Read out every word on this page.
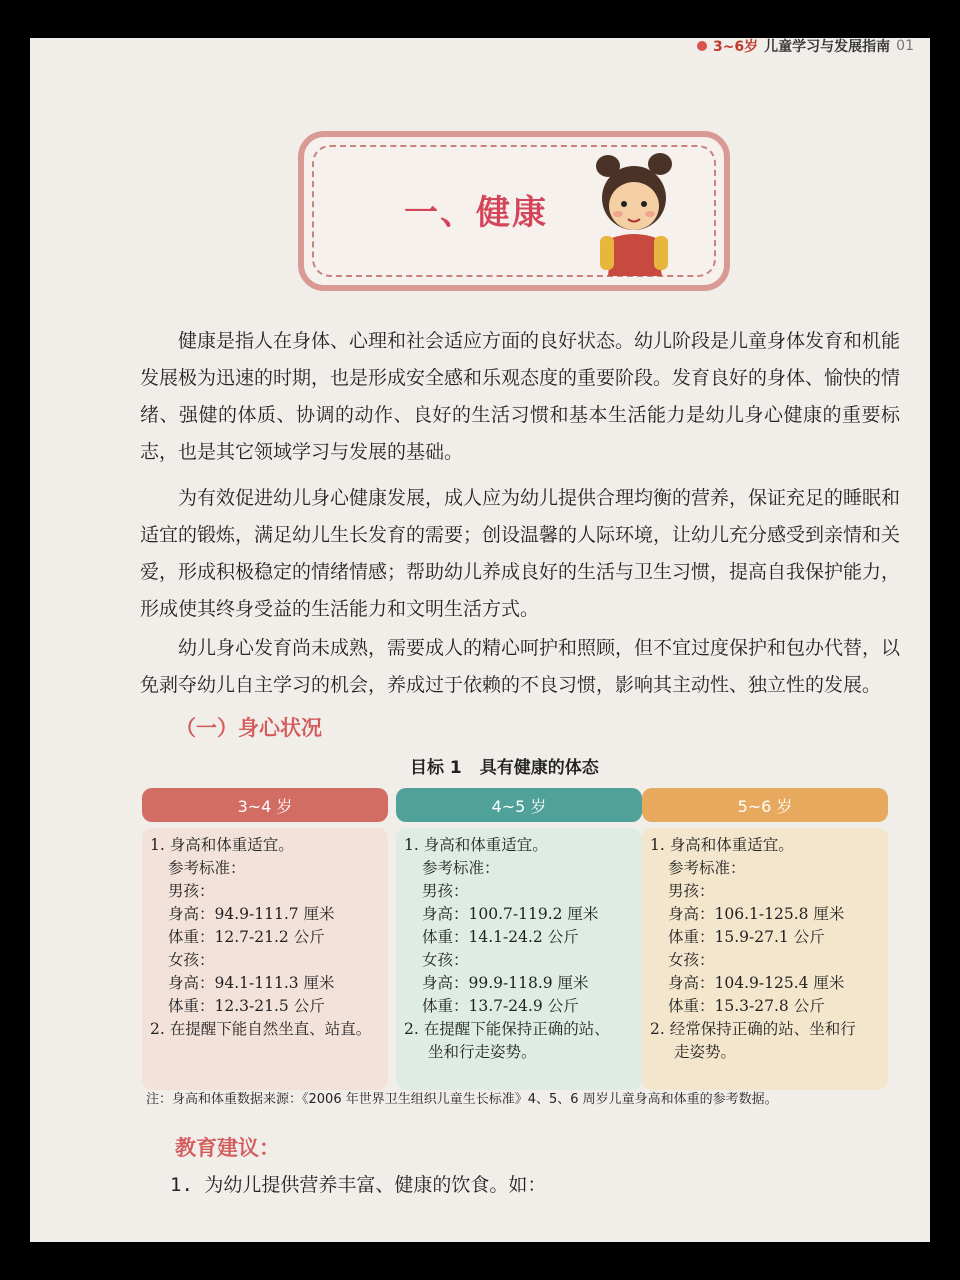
3~6岁 儿童学习与发展指南 01
一、健康

健康是指人在身体、心理和社会适应方面的良好状态。幼儿阶段是儿童身体发育和机能发展极为迅速的时期，也是形成安全感和乐观态度的重要阶段。发育良好的身体、愉快的情绪、强健的体质、协调的动作、良好的生活习惯和基本生活能力是幼儿身心健康的重要标志，也是其它领域学习与发展的基础。

为有效促进幼儿身心健康发展，成人应为幼儿提供合理均衡的营养，保证充足的睡眠和适宜的锻炼，满足幼儿生长发育的需要；创设温馨的人际环境，让幼儿充分感受到亲情和关爱，形成积极稳定的情绪情感；帮助幼儿养成良好的生活与卫生习惯，提高自我保护能力，形成使其终身受益的生活能力和文明生活方式。

幼儿身心发育尚未成熟，需要成人的精心呵护和照顾，但不宜过度保护和包办代替，以免剥夺幼儿自主学习的机会，养成过于依赖的不良习惯，影响其主动性、独立性的发展。

（一）身心状况
目标 1 具有健康的体态
3~4 岁
1. 身高和体重适宜。
参考标准：
男孩：
身高：94.9-111.7 厘米
体重：12.7-21.2 公斤
女孩：
身高：94.1-111.3 厘米
体重：12.3-21.5 公斤
2. 在提醒下能自然坐直、站直。
4~5 岁
1. 身高和体重适宜。
参考标准：
男孩：
身高：100.7-119.2 厘米
体重：14.1-24.2 公斤
女孩：
身高：99.9-118.9 厘米
体重：13.7-24.9 公斤
2. 在提醒下能保持正确的站、
坐和行走姿势。
5~6 岁
1. 身高和体重适宜。
参考标准：
男孩：
身高：106.1-125.8 厘米
体重：15.9-27.1 公斤
女孩：
身高：104.9-125.4 厘米
体重：15.3-27.8 公斤
2. 经常保持正确的站、坐和行
走姿势。
注：身高和体重数据来源：《2006 年世界卫生组织儿童生长标准》4、5、6 周岁儿童身高和体重的参考数据。
教育建议：
1. 为幼儿提供营养丰富、健康的饮食。如：
